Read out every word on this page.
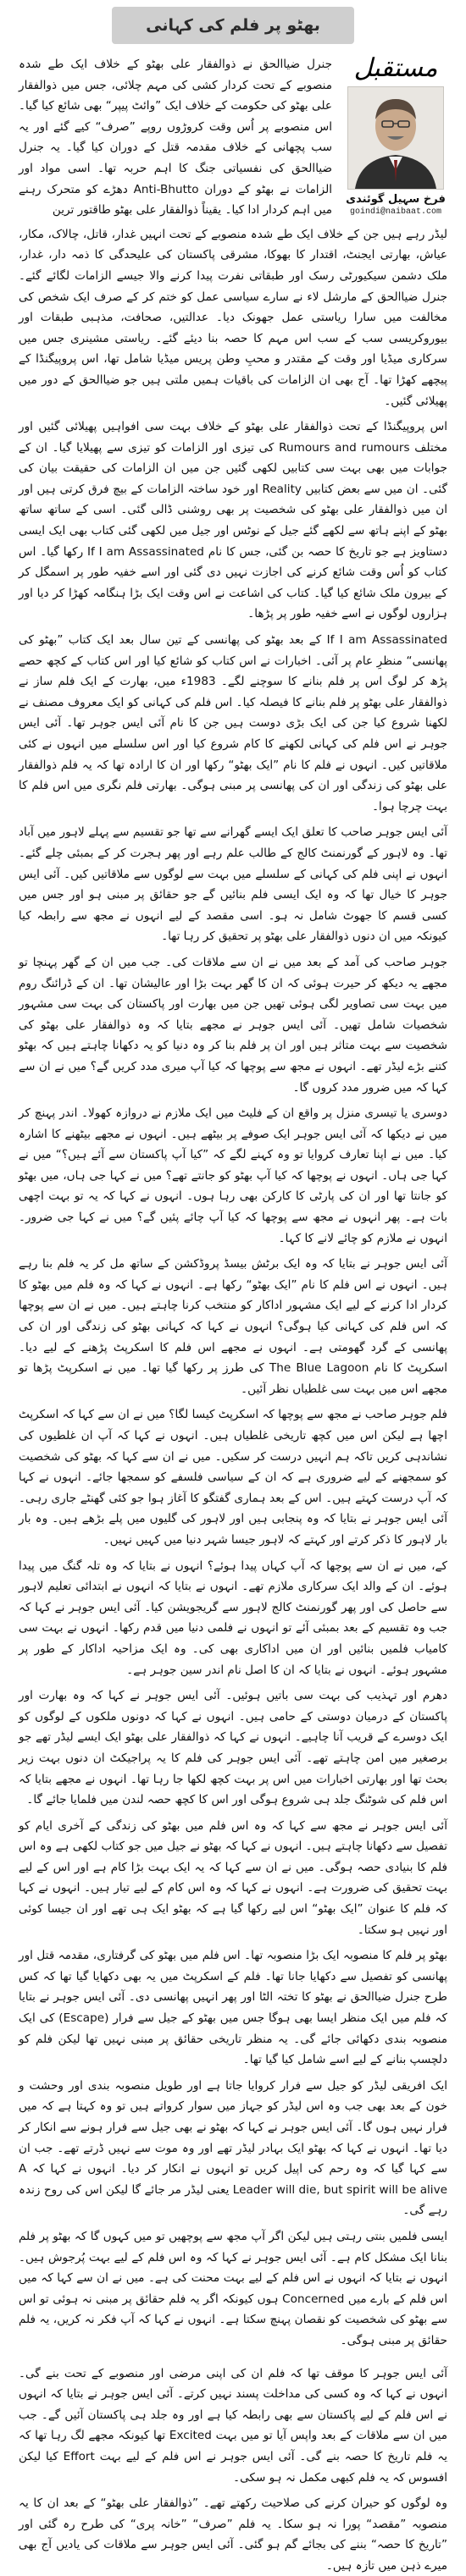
بھٹو پر فلم کی کہانی
مستقبل
فرخ سہیل گوئندی
goindi@naibaat.com
جنرل ضیاالحق نے ذوالفقار علی بھٹو کے خلاف ایک طے شدہ منصوبے کے تحت کردار کشی کی مہم چلائی، جس میں ذوالفقار علی بھٹو کی حکومت کے خلاف ایک ”وائٹ پیپر“ بھی شائع کیا گیا۔ اس منصوبے پر اُس وقت کروڑوں روپے ”صرف“ کیے گئے اور یہ سب پچھانی کے خلاف مقدمہ قتل کے دوران کیا گیا۔ یہ جنرل ضیاالحق کی نفسیاتی جنگ کا اہم حربہ تھا۔ اسی مواد اور الزامات نے بھٹو کے دوران Anti-Bhutto دھڑے کو متحرک رہنے میں اہم کردار ادا کیا۔ یقیناً ذوالفقار علی بھٹو طاقتور ترین

لیڈر رہے ہیں جن کے خلاف ایک طے شدہ منصوبے کے تحت انہیں غدار، قاتل، چالاک، مکار، عیاش، بھارتی ایجنٹ، اقتدار کا بھوکا، مشرقی پاکستان کی علیحدگی کا ذمہ دار، غدار، ملک دشمن سیکیورٹی رسک اور طبقاتی نفرت پیدا کرنے والا جیسے الزامات لگائے گئے۔ جنرل ضیاالحق کے مارشل لاء نے سارے سیاسی عمل کو ختم کر کے صرف ایک شخص کی مخالفت میں سارا ریاستی عمل جھونک دیا۔ عدالتیں، صحافت، مذہبی طبقات اور بیوروکریسی سب کے سب اس مہم کا حصہ بنا دیئے گئے۔ ریاستی مشینری جس میں سرکاری میڈیا اور وقت کے مقتدر و محبِ وطن پریس میڈیا شامل تھا، اس پروپیگنڈا کے پیچھے کھڑا تھا۔ آج بھی ان الزامات کی باقیات ہمیں ملتی ہیں جو ضیاالحق کے دور میں پھیلائی گئیں۔

اس پروپیگنڈا کے تحت ذوالفقار علی بھٹو کے خلاف بہت سی افواہیں پھیلائی گئیں اور مختلف Rumours and rumours کی تیزی اور الزامات کو تیزی سے پھیلایا گیا۔ ان کے جوابات میں بھی بہت سی کتابیں لکھی گئیں جن میں ان الزامات کی حقیقت بیان کی گئی۔ ان میں سے بعض کتابیں Reality اور خود ساختہ الزامات کے بیچ فرق کرتی ہیں اور ان میں ذوالفقار علی بھٹو کی شخصیت پر بھی روشنی ڈالی گئی۔ اسی کے ساتھ ساتھ بھٹو کے اپنے ہاتھ سے لکھے گئے جیل کے نوٹس اور جیل میں لکھی گئی کتاب بھی ایک ایسی دستاویز ہے جو تاریخ کا حصہ بن گئی، جس کا نام If I am Assassinated رکھا گیا۔ اس کتاب کو اُس وقت شائع کرنے کی اجازت نہیں دی گئی اور اسے خفیہ طور پر اسمگل کر کے بیرون ملک شائع کیا گیا۔ کتاب کی اشاعت نے اس وقت ایک بڑا ہنگامہ کھڑا کر دیا اور ہزاروں لوگوں نے اسے خفیہ طور پر پڑھا۔

If I am Assassinated کے بعد بھٹو کی پھانسی کے تین سال بعد ایک کتاب ”بھٹو کی پھانسی“ منظرِ عام پر آئی۔ اخبارات نے اس کتاب کو شائع کیا اور اس کتاب کے کچھ حصے پڑھ کر لوگ اس پر فلم بنانے کا سوچنے لگے۔ 1983ء میں، بھارت کے ایک فلم ساز نے ذوالفقار علی بھٹو پر فلم بنانے کا فیصلہ کیا۔ اس فلم کی کہانی کو ایک معروف مصنف نے لکھنا شروع کیا جن کی ایک بڑی دوست ہیں جن کا نام آئی ایس جوہر تھا۔ آئی ایس جوہر نے اس فلم کی کہانی لکھنے کا کام شروع کیا اور اس سلسلے میں انہوں نے کئی ملاقاتیں کیں۔ انہوں نے فلم کا نام ”ایک بھٹو“ رکھا اور ان کا ارادہ تھا کہ یہ فلم ذوالفقار علی بھٹو کی زندگی اور ان کی پھانسی پر مبنی ہوگی۔ بھارتی فلم نگری میں اس فلم کا بہت چرچا ہوا۔

آئی ایس جوہر صاحب کا تعلق ایک ایسے گھرانے سے تھا جو تقسیم سے پہلے لاہور میں آباد تھا۔ وہ لاہور کے گورنمنٹ کالج کے طالب علم رہے اور پھر ہجرت کر کے بمبئی چلے گئے۔ انہوں نے اپنی فلم کی کہانی کے سلسلے میں بہت سے لوگوں سے ملاقاتیں کیں۔ آئی ایس جوہر کا خیال تھا کہ وہ ایک ایسی فلم بنائیں گے جو حقائق پر مبنی ہو اور جس میں کسی قسم کا جھوٹ شامل نہ ہو۔ اسی مقصد کے لیے انہوں نے مجھ سے رابطہ کیا کیونکہ میں ان دنوں ذوالفقار علی بھٹو پر تحقیق کر رہا تھا۔

جوہر صاحب کی آمد کے بعد میں نے ان سے ملاقات کی۔ جب میں ان کے گھر پہنچا تو مجھے یہ دیکھ کر حیرت ہوئی کہ ان کا گھر بہت بڑا اور عالیشان تھا۔ ان کے ڈرائنگ روم میں بہت سی تصاویر لگی ہوئی تھیں جن میں بھارت اور پاکستان کی بہت سی مشہور شخصیات شامل تھیں۔ آئی ایس جوہر نے مجھے بتایا کہ وہ ذوالفقار علی بھٹو کی شخصیت سے بہت متاثر ہیں اور ان پر فلم بنا کر وہ دنیا کو یہ دکھانا چاہتے ہیں کہ بھٹو کتنے بڑے لیڈر تھے۔ انہوں نے مجھ سے پوچھا کہ کیا آپ میری مدد کریں گے؟ میں نے ان سے کہا کہ میں ضرور مدد کروں گا۔

دوسری یا تیسری منزل پر واقع ان کے فلیٹ میں ایک ملازم نے دروازہ کھولا۔ اندر پہنچ کر میں نے دیکھا کہ آئی ایس جوہر ایک صوفے پر بیٹھے ہیں۔ انہوں نے مجھے بیٹھنے کا اشارہ کیا۔ میں نے اپنا تعارف کروایا تو وہ کہنے لگے کہ ”کیا آپ پاکستان سے آئے ہیں؟“ میں نے کہا جی ہاں۔ انہوں نے پوچھا کہ کیا آپ بھٹو کو جانتے تھے؟ میں نے کہا جی ہاں، میں بھٹو کو جانتا تھا اور ان کی پارٹی کا کارکن بھی رہا ہوں۔ انہوں نے کہا کہ یہ تو بہت اچھی بات ہے۔ پھر انہوں نے مجھ سے پوچھا کہ کیا آپ چائے پئیں گے؟ میں نے کہا جی ضرور۔ انہوں نے ملازم کو چائے لانے کا کہا۔

آئی ایس جوہر نے بتایا کہ وہ ایک برٹش بیسڈ پروڈکشن کے ساتھ مل کر یہ فلم بنا رہے ہیں۔ انہوں نے اس فلم کا نام ”ایک بھٹو“ رکھا ہے۔ انہوں نے کہا کہ وہ فلم میں بھٹو کا کردار ادا کرنے کے لیے ایک مشہور اداکار کو منتخب کرنا چاہتے ہیں۔ میں نے ان سے پوچھا کہ اس فلم کی کہانی کیا ہوگی؟ انہوں نے کہا کہ کہانی بھٹو کی زندگی اور ان کی پھانسی کے گرد گھومتی ہے۔ انہوں نے مجھے اس فلم کا اسکرپٹ پڑھنے کے لیے دیا۔ اسکرپٹ کا نام The Blue Lagoon کی طرز پر رکھا گیا تھا۔ میں نے اسکرپٹ پڑھا تو مجھے اس میں بہت سی غلطیاں نظر آئیں۔

فلم جوہر صاحب نے مجھ سے پوچھا کہ اسکرپٹ کیسا لگا؟ میں نے ان سے کہا کہ اسکرپٹ اچھا ہے لیکن اس میں کچھ تاریخی غلطیاں ہیں۔ انہوں نے کہا کہ آپ ان غلطیوں کی نشاندہی کریں تاکہ ہم انہیں درست کر سکیں۔ میں نے ان سے کہا کہ بھٹو کی شخصیت کو سمجھنے کے لیے ضروری ہے کہ ان کے سیاسی فلسفے کو سمجھا جائے۔ انہوں نے کہا کہ آپ درست کہتے ہیں۔ اس کے بعد ہماری گفتگو کا آغاز ہوا جو کئی گھنٹے جاری رہی۔ آئی ایس جوہر نے بتایا کہ وہ پنجابی ہیں اور لاہور کی گلیوں میں پلے بڑھے ہیں۔ وہ بار بار لاہور کا ذکر کرتے اور کہتے کہ لاہور جیسا شہر دنیا میں کہیں نہیں۔

کے، میں نے ان سے پوچھا کہ آپ کہاں پیدا ہوئے؟ انہوں نے بتایا کہ وہ تلہ گنگ میں پیدا ہوئے۔ ان کے والد ایک سرکاری ملازم تھے۔ انہوں نے بتایا کہ انہوں نے ابتدائی تعلیم لاہور سے حاصل کی اور پھر گورنمنٹ کالج لاہور سے گریجویشن کیا۔ آئی ایس جوہر نے کہا کہ جب وہ تقسیم کے بعد بمبئی آئے تو انہوں نے فلمی دنیا میں قدم رکھا۔ انہوں نے بہت سی کامیاب فلمیں بنائیں اور ان میں اداکاری بھی کی۔ وہ ایک مزاحیہ اداکار کے طور پر مشہور ہوئے۔ انہوں نے بتایا کہ ان کا اصل نام اندر سین جوہر ہے۔

دھرم اور تہذیب کی بہت سی باتیں ہوئیں۔ آئی ایس جوہر نے کہا کہ وہ بھارت اور پاکستان کے درمیان دوستی کے حامی ہیں۔ انہوں نے کہا کہ دونوں ملکوں کے لوگوں کو ایک دوسرے کے قریب آنا چاہیے۔ انہوں نے کہا کہ ذوالفقار علی بھٹو ایک ایسے لیڈر تھے جو برصغیر میں امن چاہتے تھے۔ آئی ایس جوہر کی فلم کا یہ پراجیکٹ ان دنوں بہت زیر بحث تھا اور بھارتی اخبارات میں اس پر بہت کچھ لکھا جا رہا تھا۔ انہوں نے مجھے بتایا کہ اس فلم کی شوٹنگ جلد ہی شروع ہوگی اور اس کا کچھ حصہ لندن میں فلمایا جائے گا۔

آئی ایس جوہر نے مجھ سے کہا کہ وہ اس فلم میں بھٹو کی زندگی کے آخری ایام کو تفصیل سے دکھانا چاہتے ہیں۔ انہوں نے کہا کہ بھٹو نے جیل میں جو کتاب لکھی ہے وہ اس فلم کا بنیادی حصہ ہوگی۔ میں نے ان سے کہا کہ یہ ایک بہت بڑا کام ہے اور اس کے لیے بہت تحقیق کی ضرورت ہے۔ انہوں نے کہا کہ وہ اس کام کے لیے تیار ہیں۔ انہوں نے کہا کہ فلم کا عنوان ”ایک بھٹو“ اس لیے رکھا گیا ہے کہ بھٹو ایک ہی تھے اور ان جیسا کوئی اور نہیں ہو سکتا۔

بھٹو پر فلم کا منصوبہ ایک بڑا منصوبہ تھا۔ اس فلم میں بھٹو کی گرفتاری، مقدمہ قتل اور پھانسی کو تفصیل سے دکھایا جانا تھا۔ فلم کے اسکرپٹ میں یہ بھی دکھایا گیا تھا کہ کس طرح جنرل ضیاالحق نے بھٹو کا تختہ الٹا اور پھر انہیں پھانسی دی۔ آئی ایس جوہر نے بتایا کہ فلم میں ایک منظر ایسا بھی ہوگا جس میں بھٹو کے جیل سے فرار (Escape) کی ایک منصوبہ بندی دکھائی جائے گی۔ یہ منظر تاریخی حقائق پر مبنی نہیں تھا لیکن فلم کو دلچسپ بنانے کے لیے اسے شامل کیا گیا تھا۔

ایک افریقی لیڈر کو جیل سے فرار کروایا جاتا ہے اور طویل منصوبہ بندی اور وحشت و خون کے بعد بھی جب وہ اس لیڈر کو جہاز میں سوار کرواتے ہیں تو وہ کہتا ہے کہ میں فرار نہیں ہوں گا۔ آئی ایس جوہر نے کہا کہ بھٹو نے بھی جیل سے فرار ہونے سے انکار کر دیا تھا۔ انہوں نے کہا کہ بھٹو ایک بہادر لیڈر تھے اور وہ موت سے نہیں ڈرتے تھے۔ جب ان سے کہا گیا کہ وہ رحم کی اپیل کریں تو انہوں نے انکار کر دیا۔ انہوں نے کہا کہ A Leader will die, but spirit will be alive یعنی لیڈر مر جائے گا لیکن اس کی روح زندہ رہے گی۔

ایسی فلمیں بنتی رہتی ہیں لیکن اگر آپ مجھ سے پوچھیں تو میں کہوں گا کہ بھٹو پر فلم بنانا ایک مشکل کام ہے۔ آئی ایس جوہر نے کہا کہ وہ اس فلم کے لیے بہت پُرجوش ہیں۔ انہوں نے بتایا کہ انہوں نے اس فلم کے لیے بہت محنت کی ہے۔ میں نے ان سے کہا کہ میں اس فلم کے بارے میں Concerned ہوں کیونکہ اگر یہ فلم حقائق پر مبنی نہ ہوئی تو اس سے بھٹو کی شخصیت کو نقصان پہنچ سکتا ہے۔ انہوں نے کہا کہ آپ فکر نہ کریں، یہ فلم حقائق پر مبنی ہوگی۔

آئی ایس جوہر کا موقف تھا کہ فلم ان کی اپنی مرضی اور منصوبے کے تحت بنے گی۔ انہوں نے کہا کہ وہ کسی کی مداخلت پسند نہیں کرتے۔ آئی ایس جوہر نے بتایا کہ انہوں نے اس فلم کے لیے پاکستان سے بھی رابطہ کیا ہے اور وہ جلد ہی پاکستان آئیں گے۔ جب میں ان سے ملاقات کے بعد واپس آیا تو میں بہت Excited تھا کیونکہ مجھے لگ رہا تھا کہ یہ فلم تاریخ کا حصہ بنے گی۔ آئی ایس جوہر نے اس فلم کے لیے بہت Effort کیا لیکن افسوس کہ یہ فلم کبھی مکمل نہ ہو سکی۔

وہ لوگوں کو حیران کرنے کی صلاحیت رکھتے تھے۔ ”ذوالفقار علی بھٹو“ کے بعد ان کا یہ منصوبہ ”مقصد“ پورا نہ ہو سکا۔ یہ فلم ”صرف“ ”خانہ پری“ کی طرح رہ گئی اور ”تاریخ کا حصہ“ بننے کی بجائے گم ہو گئی۔ آئی ایس جوہر سے ملاقات کی یادیں آج بھی میرے ذہن میں تازہ ہیں۔
